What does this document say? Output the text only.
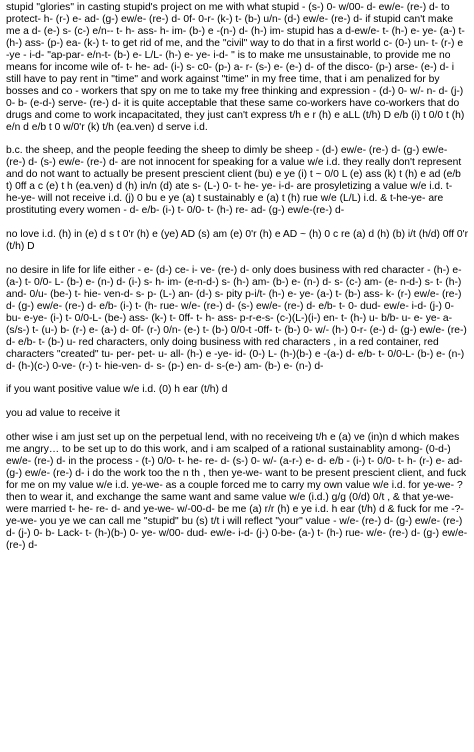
stupid "glories" in casting stupid's project on me with what stupid - (s-) 0- w/00- d- ew/e- (re-) d- to protect- h- (r-) e- ad- (g-) ew/e- (re-) d- 0f- 0-r- (k-) t- (b-) u/n- (d-) ew/e- (re-) d- if stupid can't make me a d- (e-) s- (c-) e/n-- t- h- ass- h- im- (b-) e -(n-) d- (h-) im- stupid has a d-ew/e- t- (h-) e- ye- (a-) t- (h-) ass- (p-) ea- (k-) t- to get rid of me, and the "civil" way to do that in a first world c- (0-) un- t- (r-) e -ye - i-d- "ap-par- e/n-t- (b-) e- L/L- (h-) e- ye- i-d- " is to make me unsustainable, to provide me no means for income wile of- t- he- ad- (i-) s- c0- (p-) a- r- (s-) e- (e-) d- of the disco- (p-) arse- (e-) d- i still have to pay rent in "time" and work against "time" in my free time, that i am penalized for by bosses and co - workers that spy on me to take my free thinking and expression - (d-) 0- w/- n- d- (j-) 0- b- (e-d-) serve- (re-) d- it is quite acceptable that these same co-workers have co-workers that do drugs and come to work incapacitated, they just can't express t/h e r (h) e aLL (t/h) D e/b (i) t 0/0 t (h) e/n d e/b t 0 w/0'r (k) t/h (ea.ven) d serve i.d.

b.c. the sheep, and the people feeding the sheep to dimly be sheep - (d-) ew/e- (re-) d- (g-) ew/e- (re-) d- (s-) ew/e- (re-) d- are not innocent for speaking for a value w/e i.d. they really don't represent and do not want to actually be present prescient client (bu) e ye (i) t ~ 0/0 L (e) ass (k) t (h) e ad (e/b t) 0ff a c (e) t h (ea.ven) d (h) in/n (d) ate s- (L-) 0- t- he- ye- i-d- are prosyletizing a value w/e i.d. t- he-ye- will not receive i.d. (j) 0 bu e ye (a) t sustainably e (a) t (h) rue w/e (L/L) i.d. & t-he-ye- are prostituting every women - d- e/b- (i-) t- 0/0- t- (h-) re- ad- (g-) ew/e-(re-) d-

no love i.d. (h) in (e) d s t 0'r (h) e (ye) AD (s) am (e) 0'r (h) e AD ~ (h) 0 c re (a) d (h) (b) i/t (h/d) 0ff 0'r (t/h) D

no desire in life for life either - e- (d-) ce- i- ve- (re-) d- only does business with red character - (h-) e- (a-) t- 0/0- L- (b-) e- (n-) d- (i-) s- h- im- (e-n-d-) s- (h-) am- (b-) e- (n-) d- s- (c-) am- (e- n-d-) s- t- (h-) and- 0/u- (be-) t- hie- ven-d- s- p- (L-) an- (d-) s- pity p-i/t- (h-) e- ye- (a-) t- (b-) ass- k- (r-) ew/e- (re-) d- (g-) ew/e- (re-) d- e/b- (i-) t- (h- rue- w/e- (re-) d- (s-) ew/e- (re-) d- e/b- t- 0- dud- ew/e- i-d- (j-) 0- bu- e-ye- (i-) t- 0/0-L- (be-) ass- (k-) t- 0ff- t- h- ass- p-r-e-s- (c-)(L-)(i-) en- t- (h-) u- b/b- u- e- ye- a- (s/s-) t- (u-) b- (r-) e- (a-) d- 0f- (r-) 0/n- (e-) t- (b-) 0/0-t -0ff- t- (b-) 0- w/- (h-) 0-r- (e-) d- (g-) ew/e- (re-) d- e/b- t- (b-) u- red characters, only doing business with red characters , in a red container, red characters "created" tu- per- pet- u- all- (h-) e -ye- id- (0-) L- (h-)(b-) e -(a-) d- e/b- t- 0/0-L- (b-) e- (n-) d- (h-)(c-) 0-ve- (r-) t- hie-ven- d- s- (p-) en- d- s-(e-) am- (b-) e- (n-) d-

if you want positive value w/e i.d. (0) h ear (t/h) d

you ad value to receive it

other wise i am just set up on the perpetual lend, with no receiveing t/h e (a) ve (in)n d which makes me angry… to be set up to do this work, and i am scalped of a rational sustainablity among- (0-d-) ew/e- (re-) d- in the process - (t-) 0/0- t- he- re- d- (s-) 0- w/- (a-r-) e- d- e/b - (i-) t- 0/0- t- h- (r-) e- ad- (g-) ew/e- (re-) d- i do the work too the n th , then ye-we- want to be present prescient client, and fuck for me on my value w/e i.d. ye-we- as a couple forced me to carry my own value w/e i.d. for ye-we- ? then to wear it, and exchange the same want and same value w/e (i.d.) g/g (0/d) 0/t , & that ye-we- were married t- he- re- d- and ye-we- w/-00-d- be me (a) r/r (h) e ye i.d. h ear (t/h) d & fuck for me -?- ye-we- you ye we can call me "stupid" bu (s) t/t i will reflect "your" value - w/e- (re-) d- (g-) ew/e- (re-) d- (j-) 0- b- Lack- t- (h-)(b-) 0- ye- w/00- dud- ew/e- i-d- (j-) 0-be- (a-) t- (h-) rue- w/e- (re-) d- (g-) ew/e- (re-) d-
